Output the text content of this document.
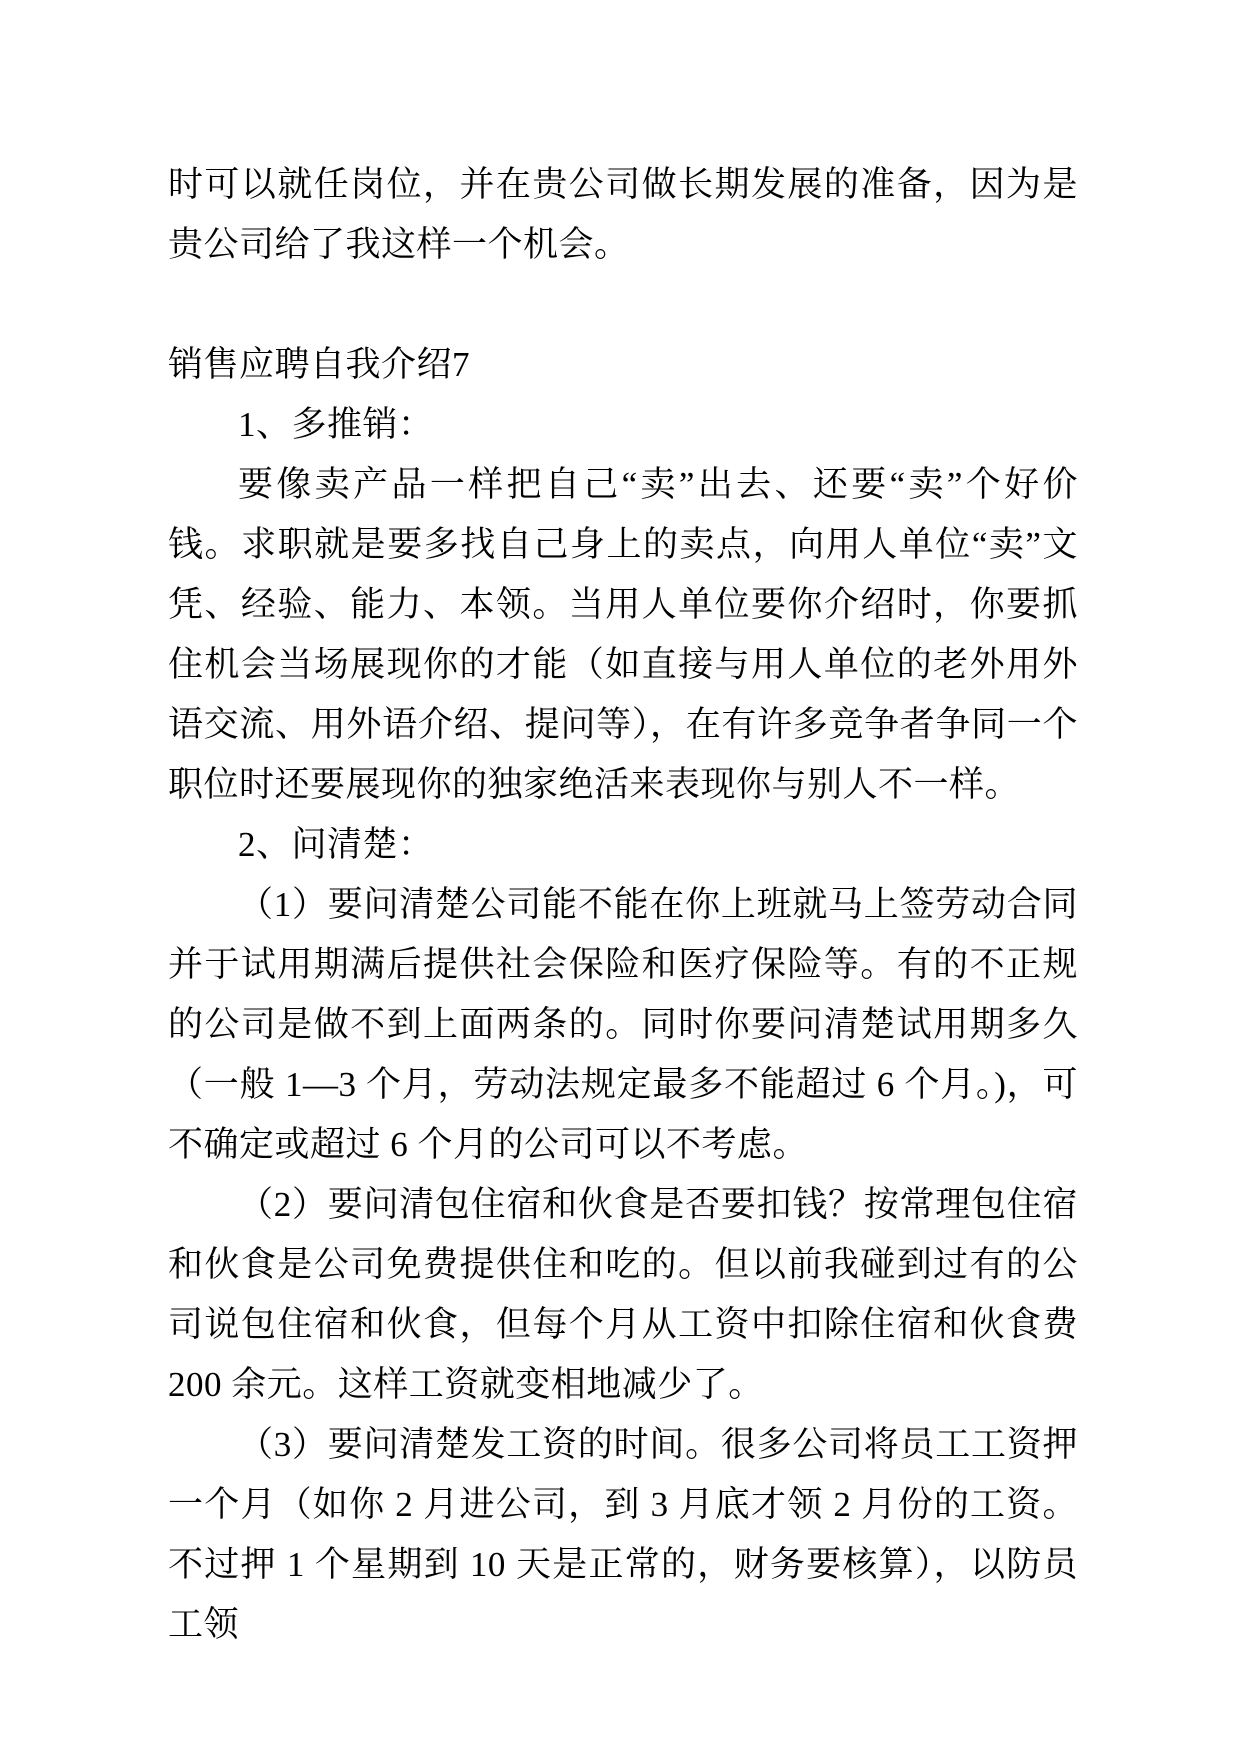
时可以就任岗位，并在贵公司做长期发展的准备，因为是贵公司给了我这样一个机会。

销售应聘自我介绍7

1、多推销：

要像卖产品一样把自己“卖”出去、还要“卖”个好价钱。求职就是要多找自己身上的卖点，向用人单位“卖”文凭、经验、能力、本领。当用人单位要你介绍时，你要抓住机会当场展现你的才能（如直接与用人单位的老外用外语交流、用外语介绍、提问等），在有许多竞争者争同一个职位时还要展现你的独家绝活来表现你与别人不一样。

2、问清楚：

（1）要问清楚公司能不能在你上班就马上签劳动合同并于试用期满后提供社会保险和医疗保险等。有的不正规的公司是做不到上面两条的。同时你要问清楚试用期多久（一般 1—3 个月，劳动法规定最多不能超过 6 个月。)，可不确定或超过 6 个月的公司可以不考虑。

（2）要问清包住宿和伙食是否要扣钱？按常理包住宿和伙食是公司免费提供住和吃的。但以前我碰到过有的公司说包住宿和伙食，但每个月从工资中扣除住宿和伙食费 200 余元。这样工资就变相地减少了。

（3）要问清楚发工资的时间。很多公司将员工工资押一个月（如你 2 月进公司，到 3 月底才领 2 月份的工资。不过押 1 个星期到 10 天是正常的，财务要核算），以防员工领
